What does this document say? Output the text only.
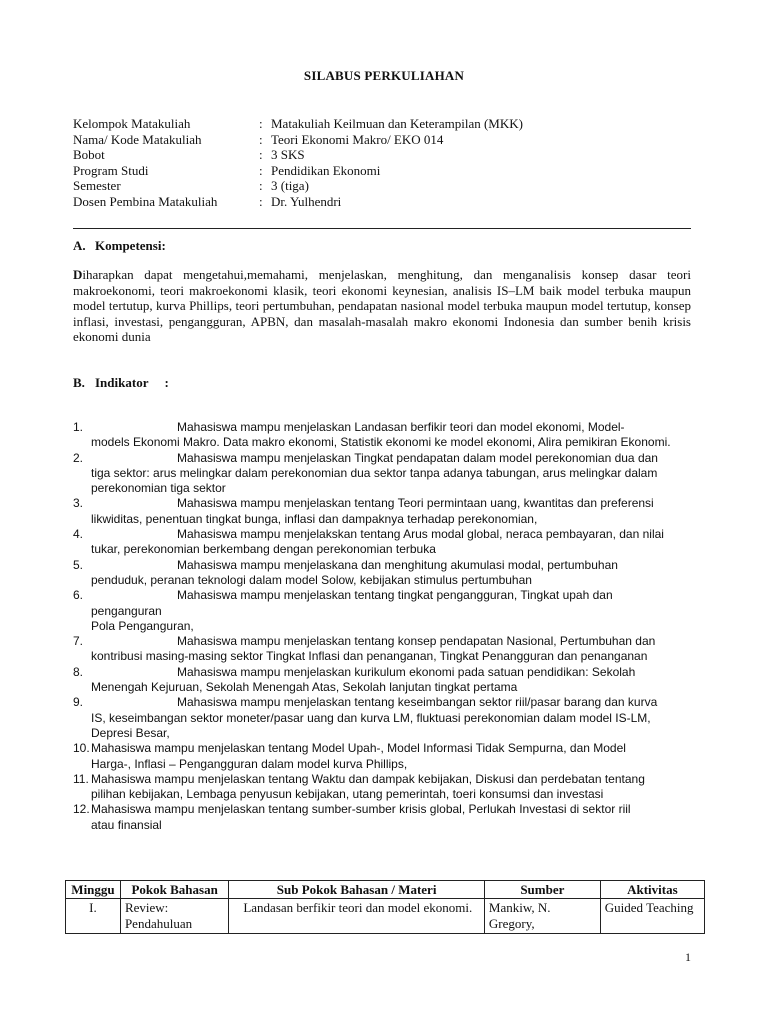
SILABUS PERKULIAHAN
Kelompok Matakuliah	: Matakuliah Keilmuan dan Keterampilan (MKK)
Nama/ Kode Matakuliah	: Teori Ekonomi Makro/ EKO 014
Bobot	: 3 SKS
Program Studi	: Pendidikan Ekonomi
Semester	: 3 (tiga)
Dosen Pembina Matakuliah	: Dr. Yulhendri
A. Kompetensi:
Diharapkan dapat mengetahui,memahami, menjelaskan, menghitung, dan menganalisis konsep dasar teori makroekonomi, teori makroekonomi klasik, teori ekonomi keynesian, analisis IS–LM baik model terbuka maupun model tertutup, kurva Phillips, teori pertumbuhan, pendapatan nasional model terbuka maupun model tertutup, konsep inflasi, investasi, pengangguran, APBN, dan masalah-masalah makro ekonomi Indonesia dan sumber benih krisis ekonomi dunia
B. Indikator     :
1.	Mahasiswa mampu menjelaskan Landasan berfikir teori dan model ekonomi, Model-
models Ekonomi Makro. Data makro ekonomi, Statistik ekonomi ke model ekonomi, Alira pemikiran Ekonomi.
2.	Mahasiswa mampu menjelaskan Tingkat pendapatan dalam model perekonomian dua dan
tiga sektor: arus melingkar dalam perekonomian dua sektor tanpa adanya tabungan, arus melingkar dalam perekonomian tiga sektor
3.	Mahasiswa mampu menjelaskan tentang Teori permintaan uang, kwantitas dan preferensi
likwiditas, penentuan tingkat bunga, inflasi dan dampaknya terhadap perekonomian,
4.	Mahasiswa mampu menjelakskan tentang Arus modal global, neraca pembayaran, dan nilai
tukar, perekonomian berkembang dengan perekonomian terbuka
5.	Mahasiswa mampu menjelaskana dan menghitung akumulasi modal, pertumbuhan
penduduk, peranan teknologi dalam model Solow, kebijakan stimulus pertumbuhan
6.	Mahasiswa mampu menjelaskan tentang tingkat pengangguran, Tingkat upah dan
penganguran
Pola Penganguran,
7.	Mahasiswa mampu menjelaskan tentang konsep pendapatan Nasional, Pertumbuhan dan
kontribusi masing-masing sektor Tingkat Inflasi dan penanganan, Tingkat Penangguran dan penanganan
8.	Mahasiswa mampu menjelaskan kurikulum ekonomi pada satuan pendidikan: Sekolah
Menengah Kejuruan, Sekolah Menengah Atas, Sekolah lanjutan tingkat pertama
9.	Mahasiswa mampu menjelaskan tentang keseimbangan sektor riil/pasar barang dan kurva
IS, keseimbangan sektor moneter/pasar uang dan kurva LM, fluktuasi perekonomian dalam model IS-LM, Depresi Besar,
10. Mahasiswa mampu menjelaskan tentang Model Upah-, Model Informasi Tidak Sempurna, dan Model
Harga-, Inflasi – Pengangguran dalam model kurva Phillips,
11. Mahasiswa mampu menjelaskan tentang Waktu dan dampak kebijakan, Diskusi dan perdebatan tentang
pilihan kebijakan, Lembaga penyusun kebijakan, utang pemerintah, toeri konsumsi dan investasi
12. Mahasiswa mampu menjelaskan tentang sumber-sumber krisis global, Perlukah Investasi di sektor riil
atau finansial
Minggu	Pokok Bahasan	Sub Pokok Bahasan / Materi	Sumber	Aktivitas
I.	Review: Pendahuluan	Landasan berfikir teori dan model ekonomi.	Mankiw, N. Gregory,	Guided Teaching
1
